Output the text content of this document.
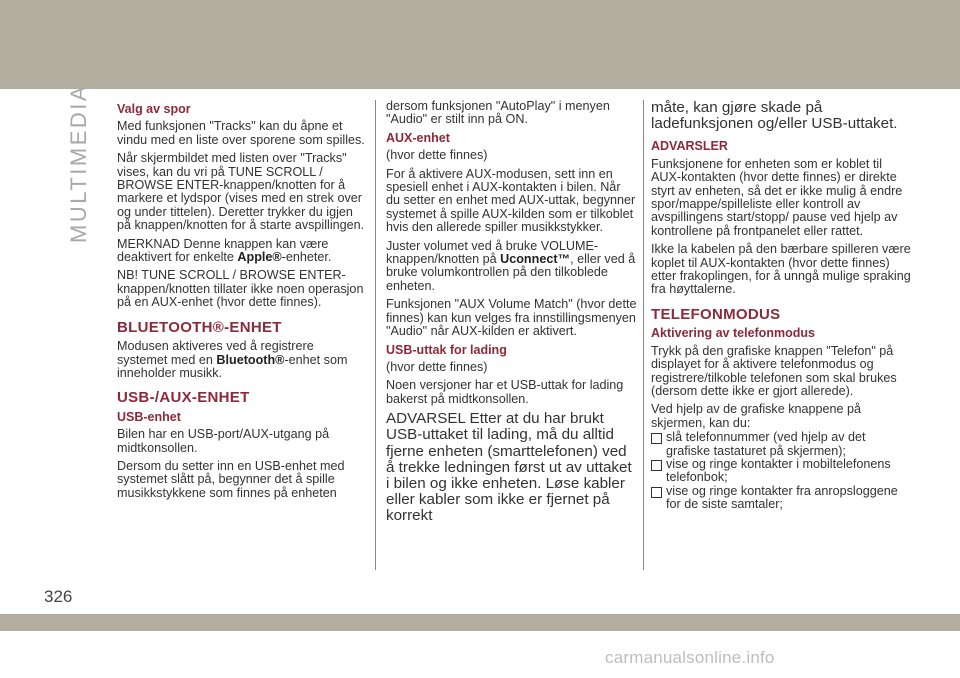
MULTIMEDIA Valg av spor

Med funksjonen "Tracks" kan du åpne et vindu med en liste over sporene som spilles.

Når skjermbildet med listen over "Tracks" vises, kan du vri på TUNE SCROLL / BROWSE ENTER-knappen/knotten for å markere et lydspor (vises med en strek over og under tittelen). Deretter trykker du igjen på knappen/knotten for å starte avspillingen.

MERKNAD Denne knappen kan være deaktivert for enkelte Apple®-enheter.

NB! TUNE SCROLL / BROWSE ENTER-knappen/knotten tillater ikke noen operasjon på en AUX-enhet (hvor dette finnes).

BLUETOOTH®-ENHET

Modusen aktiveres ved å registrere systemet med en Bluetooth®-enhet som inneholder musikk.

USB-/AUX-ENHET
USB-enhet

Bilen har en USB-port/AUX-utgang på midtkonsollen.

Dersom du setter inn en USB-enhet med systemet slått på, begynner det å spille musikkstykkene som finnes på enheten

dersom funksjonen "AutoPlay" i menyen "Audio" er stilt inn på ON.

AUX-enhet

(hvor dette finnes)

For å aktivere AUX-modusen, sett inn en spesiell enhet i AUX-kontakten i bilen. Når du setter en enhet med AUX-uttak, begynner systemet å spille AUX-kilden som er tilkoblet hvis den allerede spiller musikkstykker.

Juster volumet ved å bruke VOLUME-knappen/knotten på Uconnect™, eller ved å bruke volumkontrollen på den tilkoblede enheten.

Funksjonen "AUX Volume Match" (hvor dette finnes) kan kun velges fra innstillingsmenyen "Audio" når AUX-kilden er aktivert.

USB-uttak for lading

(hvor dette finnes)

Noen versjoner har et USB-uttak for lading bakerst på midtkonsollen.

ADVARSEL Etter at du har brukt USB-uttaket til lading, må du alltid fjerne enheten (smarttelefonen) ved å trekke ledningen først ut av uttaket i bilen og ikke enheten. Løse kabler eller kabler som ikke er fjernet på korrekt

måte, kan gjøre skade på ladefunksjonen og/eller USB-uttaket.

ADVARSLER

Funksjonene for enheten som er koblet til AUX-kontakten (hvor dette finnes) er direkte styrt av enheten, så det er ikke mulig å endre spor/mappe/spilleliste eller kontroll av avspillingens start/stopp/ pause ved hjelp av kontrollene på frontpanelet eller rattet.

Ikke la kabelen på den bærbare spilleren være koplet til AUX-kontakten (hvor dette finnes) etter frakoplingen, for å unngå mulige spraking fra høyttalerne.

TELEFONMODUS
Aktivering av telefonmodus

Trykk på den grafiske knappen "Telefon" på displayet for å aktivere telefonmodus og registrere/tilkoble telefonen som skal brukes (dersom dette ikke er gjort allerede).

Ved hjelp av de grafiske knappene på skjermen, kan du:

slå telefonnummer (ved hjelp av det grafiske tastaturet på skjermen);
vise og ringe kontakter i mobiltelefonens telefonbok;
vise og ringe kontakter fra anropsloggene for de siste samtaler;
326
carmanualsonline.info
